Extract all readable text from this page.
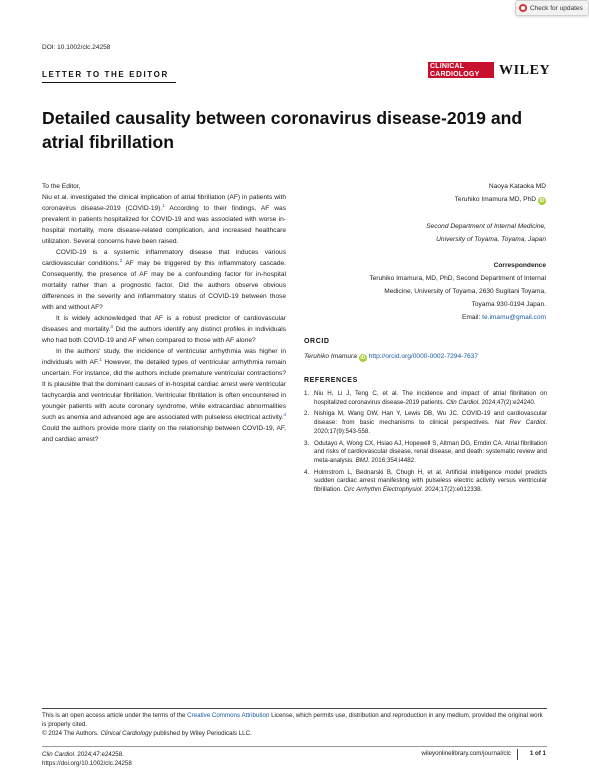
Check for updates
DOI: 10.1002/clc.24258
LETTER TO THE EDITOR
CLINICAL
CARDIOLOGY	WILEY
Detailed causality between coronavirus disease-2019 and
atrial fibrillation

To the Editor,

Niu et al. investigated the clinical implication of atrial fibrillation (AF) in patients with coronavirus disease-2019 (COVID-19).$^1$ According to their findings, AF was prevalent in patients hospitalized for COVID-19 and was associated with worse in-hospital mortality, more disease-related complication, and increased healthcare utilization. Several concerns have been raised.

COVID-19 is a systemic inflammatory disease that induces various cardiovascular conditions.$^2$ AF may be triggered by this inflammatory cascade. Consequently, the presence of AF may be a confounding factor for in-hospital mortality rather than a prognostic factor. Did the authors observe obvious differences in the severity and inflammatory status of COVID-19 between those with and without AF?

It is widely acknowledged that AF is a robust predictor of cardiovascular diseases and mortality.$^3$ Did the authors identify any distinct profiles in individuals who had both COVID-19 and AF when compared to those with AF alone?

In the authors' study, the incidence of ventricular arrhythmia was higher in individuals with AF.$^1$ However, the detailed types of ventricular arrhythmia remain uncertain. For instance, did the authors include premature ventricular contractions? It is plausible that the dominant causes of in-hospital cardiac arrest were ventricular tachycardia and ventricular fibrillation. Ventricular fibrillation is often encountered in younger patients with acute coronary syndrome, while extracardiac abnormalities such as anemia and advanced age are associated with pulseless electrical activity.$^4$ Could the authors provide more clarity on the relationship between COVID-19, AF, and cardiac arrest?

Naoya Kataoka MD
Teruhiko Imamura MD, PhD iD
Second Department of Internal Medicine,
University of Toyama, Toyama, Japan
Correspondence
Teruhiko Imamura, MD, PhD, Second Department of Internal
Medicine, University of Toyama, 2630 Sugitani Toyama,
Toyama 930-0194 Japan.
Email: te.imamu@gmail.com
ORCID
Teruhiko Imamura iD http://orcid.org/0000-0002-7294-7637
REFERENCES
1. Niu H, Li J, Teng C, et al. The incidence and impact of atrial fibrillation on hospitalized coronavirus disease-2019 patients. Clin Cardiol. 2024;47(2):e24240.
2. Nishiga M, Wang DW, Han Y, Lewis DB, Wu JC. COVID-19 and cardiovascular disease: from basic mechanisms to clinical perspectives. Nat Rev Cardiol. 2020;17(9):543-558.
3. Odutayo A, Wong CX, Hsiao AJ, Hopewell S, Altman DG, Emdin CA. Atrial fibrillation and risks of cardiovascular disease, renal disease, and death: systematic review and meta-analysis. BMJ. 2016;354:i4482.
4. Holmstrom L, Bednarski B, Chugh H, et al. Artificial intelligence model predicts sudden cardiac arrest manifesting with pulseless electric activity versus ventricular fibrillation. Circ Arrhythm Electrophysiol. 2024;17(2):e012338.
This is an open access article under the terms of the Creative Commons Attribution License, which permits use, distribution and reproduction in any medium, provided the original work is properly cited.
© 2024 The Authors. Clinical Cardiology published by Wiley Periodicals LLC.
Clin Cardiol. 2024;47:e24258.
https://doi.org/10.1002/clc.24258
wileyonlinelibrary.com/journal/clc	1 of 1
